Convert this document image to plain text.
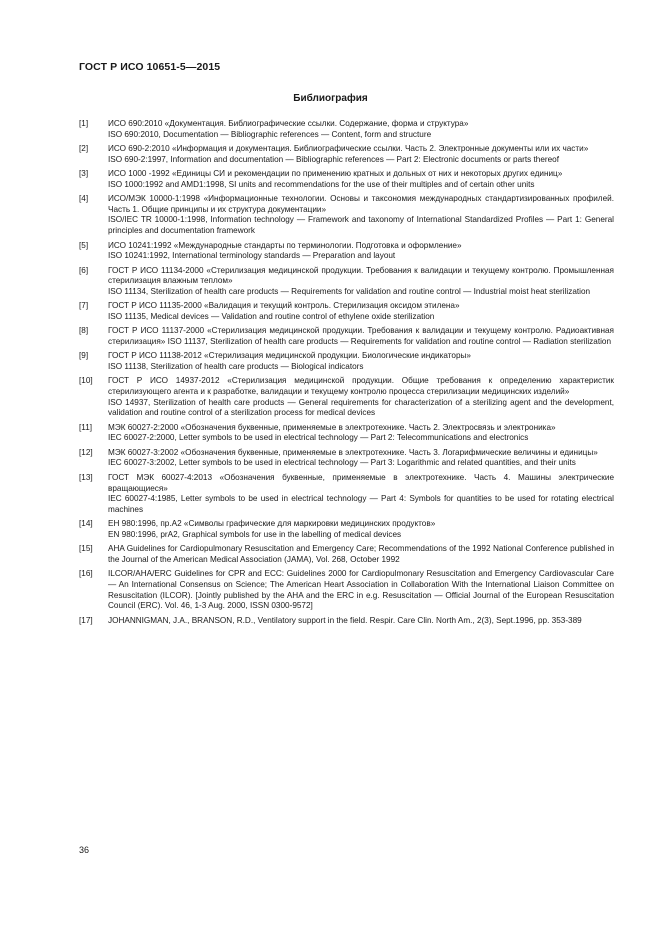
ГОСТ Р ИСО 10651-5—2015
Библиография
[1]	ИСО 690:2010 «Документация. Библиографические ссылки. Содержание, форма и структура»
ISO 690:2010, Documentation — Bibliographic references — Content, form and structure
[2]	ИСО 690-2:2010 «Информация и документация. Библиографические ссылки. Часть 2. Электронные документы или их части»
ISO 690-2:1997, Information and documentation — Bibliographic references — Part 2: Electronic documents or parts thereof
[3]	ИСО 1000 -1992 «Единицы СИ и рекомендации по применению кратных и дольных от них и некоторых других единиц»
ISO 1000:1992 and AMD1:1998, SI units and recommendations for the use of their multiples and of certain other units
[4]	ИСО/МЭК 10000-1:1998 «Информационные технологии. Основы и таксономия международных стандартизированных профилей. Часть 1. Общие принципы и их структура документации»
ISO/IEC TR 10000-1:1998, Information technology — Framework and taxonomy of International Standardized Profiles — Part 1: General principles and documentation framework
[5]	ИСО 10241:1992 «Международные стандарты по терминологии. Подготовка и оформление»
ISO 10241:1992, International terminology standards — Preparation and layout
[6]	ГОСТ Р ИСО 11134-2000 «Стерилизация медицинской продукции. Требования к валидации и текущему контролю. Промышленная стерилизация влажным теплом»
ISO 11134, Sterilization of health care products — Requirements for validation and routine control — Industrial moist heat sterilization
[7]	ГОСТ Р ИСО 11135-2000 «Валидация и текущий контроль. Стерилизация оксидом этилена»
ISO 11135, Medical devices — Validation and routine control of ethylene oxide sterilization
[8]	ГОСТ Р ИСО 11137-2000 «Стерилизация медицинской продукции. Требования к валидации и текущему контролю. Радиоактивная стерилизация» ISO 11137, Sterilization of health care products — Requirements for validation and routine control — Radiation sterilization
[9]	ГОСТ Р ИСО 11138-2012 «Стерилизация медицинской продукции. Биологические индикаторы»
ISO 11138, Sterilization of health care products — Biological indicators
[10]	ГОСТ Р ИСО 14937-2012 «Стерилизация медицинской продукции. Общие требования к определению характеристик стерилизующего агента и к разработке, валидации и текущему контролю процесса стерилизации медицинских изделий»
ISO 14937, Sterilization of health care products — General requirements for characterization of a sterilizing agent and the development, validation and routine control of a sterilization process for medical devices
[11]	МЭК 60027-2:2000 «Обозначения буквенные, применяемые в электротехнике. Часть 2. Электросвязь и электроника»
IEC 60027-2:2000, Letter symbols to be used in electrical technology — Part 2: Telecommunications and electronics
[12]	МЭК 60027-3:2002 «Обозначения буквенные, применяемые в электротехнике. Часть 3. Логарифмические величины и единицы»
IEC 60027-3:2002, Letter symbols to be used in electrical technology — Part 3: Logarithmic and related quantities, and their units
[13]	ГОСТ МЭК 60027-4:2013 «Обозначения буквенные, применяемые в электротехнике. Часть 4. Машины электрические вращающиеся»
IEC 60027-4:1985, Letter symbols to be used in electrical technology — Part 4: Symbols for quantities to be used for rotating electrical machines
[14]	ЕН 980:1996, пр.А2 «Символы графические для маркировки медицинских продуктов»
EN 980:1996, prA2, Graphical symbols for use in the labelling of medical devices
[15]	AHA Guidelines for Cardiopulmonary Resuscitation and Emergency Care; Recommendations of the 1992 National Conference published in the Journal of the American Medical Association (JAMA), Vol. 268, October 1992
[16]	ILCOR/AHA/ERC Guidelines for CPR and ECC: Guidelines 2000 for Cardiopulmonary Resuscitation and Emergency Cardiovascular Care — An International Consensus on Science; The American Heart Association in Collaboration With the International Liaison Committee on Resuscitation (ILCOR). [Jointly published by the AHA and the ERC in e.g. Resuscitation — Official Journal of the European Resuscitation Council (ERC). Vol. 46, 1-3 Aug. 2000, ISSN 0300-9572]
[17]	JOHANNIGMAN, J.A., BRANSON, R.D., Ventilatory support in the field. Respir. Care Clin. North Am., 2(3), Sept.1996, pp. 353-389
36
